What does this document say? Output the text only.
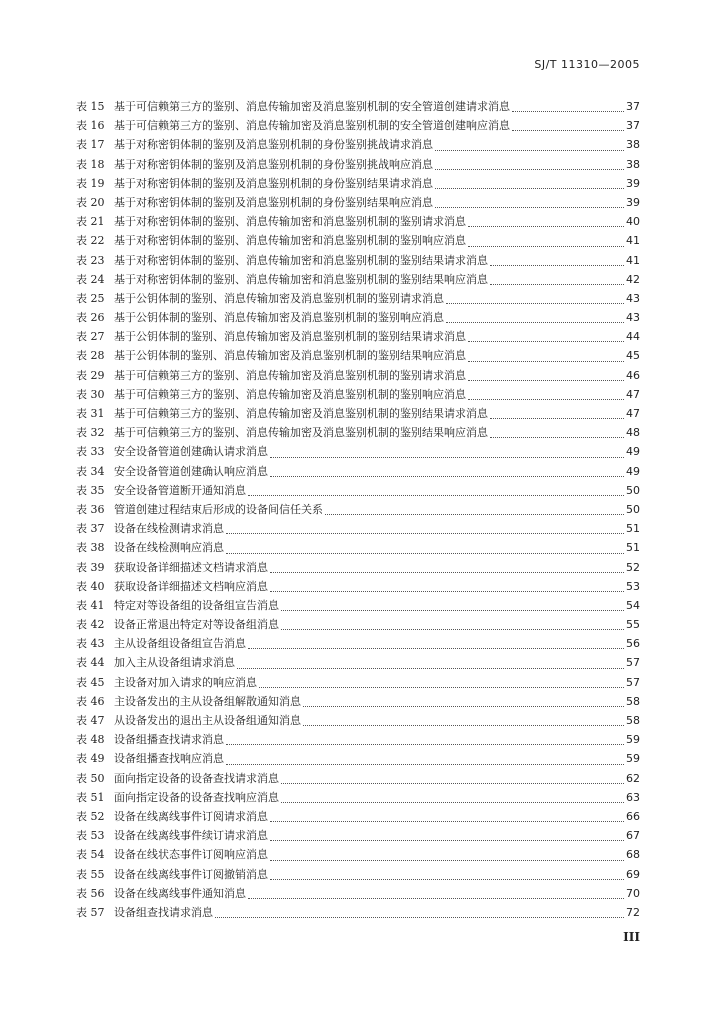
SJ/T 11310—2005
表 15 基于可信赖第三方的鉴别、消息传输加密及消息鉴别机制的安全管道创建请求消息	37
表 16 基于可信赖第三方的鉴别、消息传输加密及消息鉴别机制的安全管道创建响应消息	37
表 17 基于对称密钥体制的鉴别及消息鉴别机制的身份鉴别挑战请求消息	38
表 18 基于对称密钥体制的鉴别及消息鉴别机制的身份鉴别挑战响应消息	38
表 19 基于对称密钥体制的鉴别及消息鉴别机制的身份鉴别结果请求消息	39
表 20 基于对称密钥体制的鉴别及消息鉴别机制的身份鉴别结果响应消息	39
表 21 基于对称密钥体制的鉴别、消息传输加密和消息鉴别机制的鉴别请求消息	40
表 22 基于对称密钥体制的鉴别、消息传输加密和消息鉴别机制的鉴别响应消息	41
表 23 基于对称密钥体制的鉴别、消息传输加密和消息鉴别机制的鉴别结果请求消息	41
表 24 基于对称密钥体制的鉴别、消息传输加密和消息鉴别机制的鉴别结果响应消息	42
表 25 基于公钥体制的鉴别、消息传输加密及消息鉴别机制的鉴别请求消息	43
表 26 基于公钥体制的鉴别、消息传输加密及消息鉴别机制的鉴别响应消息	43
表 27 基于公钥体制的鉴别、消息传输加密及消息鉴别机制的鉴别结果请求消息	44
表 28 基于公钥体制的鉴别、消息传输加密及消息鉴别机制的鉴别结果响应消息	45
表 29 基于可信赖第三方的鉴别、消息传输加密及消息鉴别机制的鉴别请求消息	46
表 30 基于可信赖第三方的鉴别、消息传输加密及消息鉴别机制的鉴别响应消息	47
表 31 基于可信赖第三方的鉴别、消息传输加密及消息鉴别机制的鉴别结果请求消息	47
表 32 基于可信赖第三方的鉴别、消息传输加密及消息鉴别机制的鉴别结果响应消息	48
表 33 安全设备管道创建确认请求消息	49
表 34 安全设备管道创建确认响应消息	49
表 35 安全设备管道断开通知消息	50
表 36 管道创建过程结束后形成的设备间信任关系	50
表 37 设备在线检测请求消息	51
表 38 设备在线检测响应消息	51
表 39 获取设备详细描述文档请求消息	52
表 40 获取设备详细描述文档响应消息	53
表 41 特定对等设备组的设备组宣告消息	54
表 42 设备正常退出特定对等设备组消息	55
表 43 主从设备组设备组宣告消息	56
表 44 加入主从设备组请求消息	57
表 45 主设备对加入请求的响应消息	57
表 46 主设备发出的主从设备组解散通知消息	58
表 47 从设备发出的退出主从设备组通知消息	58
表 48 设备组播查找请求消息	59
表 49 设备组播查找响应消息	59
表 50 面向指定设备的设备查找请求消息	62
表 51 面向指定设备的设备查找响应消息	63
表 52 设备在线离线事件订阅请求消息	66
表 53 设备在线离线事件续订请求消息	67
表 54 设备在线状态事件订阅响应消息	68
表 55 设备在线离线事件订阅撤销消息	69
表 56 设备在线离线事件通知消息	70
表 57 设备组查找请求消息	72
III
